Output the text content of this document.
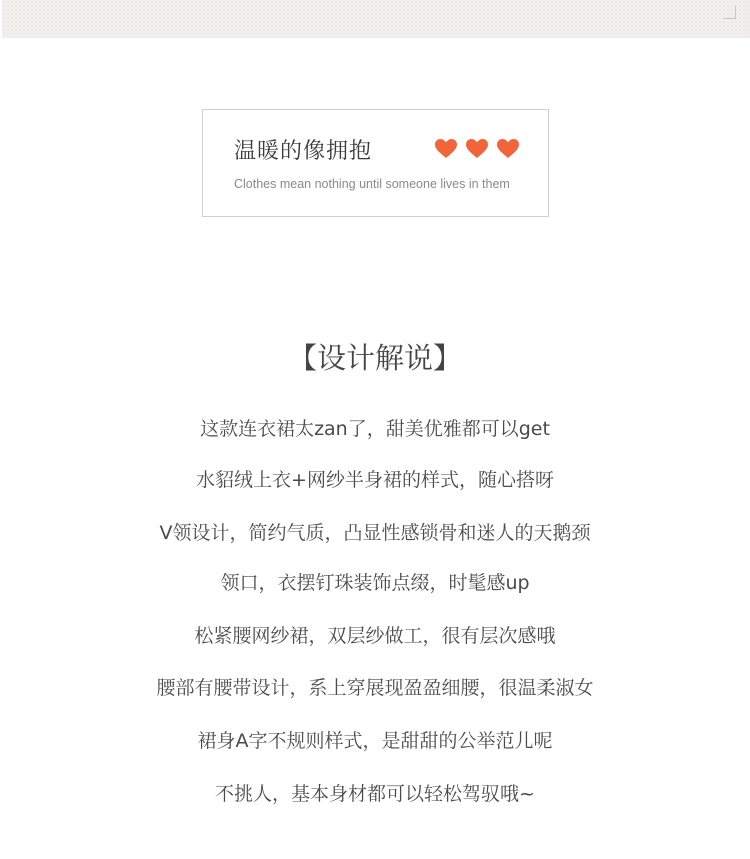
温暖的像拥抱
Clothes mean nothing until someone lives in them
【设计解说】
这款连衣裙太zan了，甜美优雅都可以get
水貂绒上衣+网纱半身裙的样式，随心搭呀
V领设计，简约气质，凸显性感锁骨和迷人的天鹅颈
领口，衣摆钉珠装饰点缀，时髦感up
松紧腰网纱裙，双层纱做工，很有层次感哦
腰部有腰带设计，系上穿展现盈盈细腰，很温柔淑女
裙身A字不规则样式，是甜甜的公举范儿呢
不挑人，基本身材都可以轻松驾驭哦~
